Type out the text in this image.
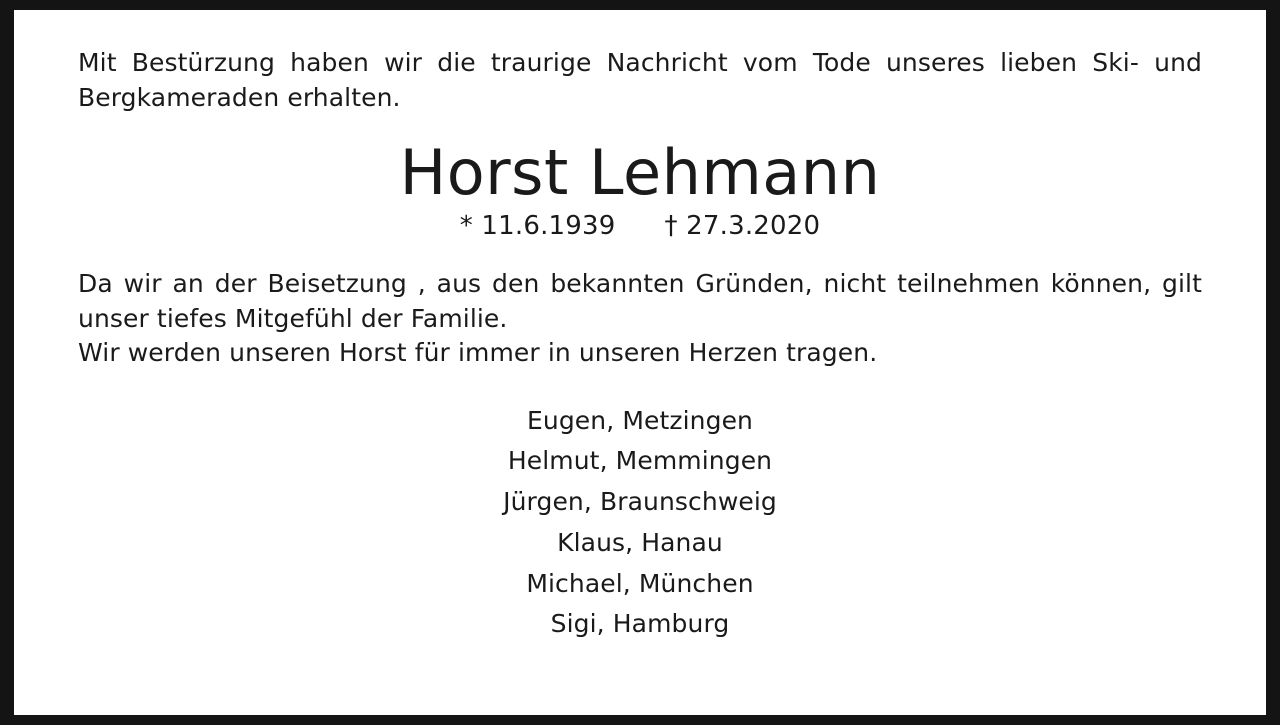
Mit Bestürzung haben wir die traurige Nachricht vom Tode unseres lieben Ski- und Bergkameraden erhalten.

Horst Lehmann
* 11.6.1939 † 27.3.2020

Da wir an der Beisetzung , aus den bekannten Gründen, nicht teilnehmen können, gilt unser tiefes Mitgefühl der Familie.

Wir werden unseren Horst für immer in unseren Herzen tragen.

Eugen, Metzingen
Helmut, Memmingen
Jürgen, Braunschweig
Klaus, Hanau
Michael, München
Sigi, Hamburg
